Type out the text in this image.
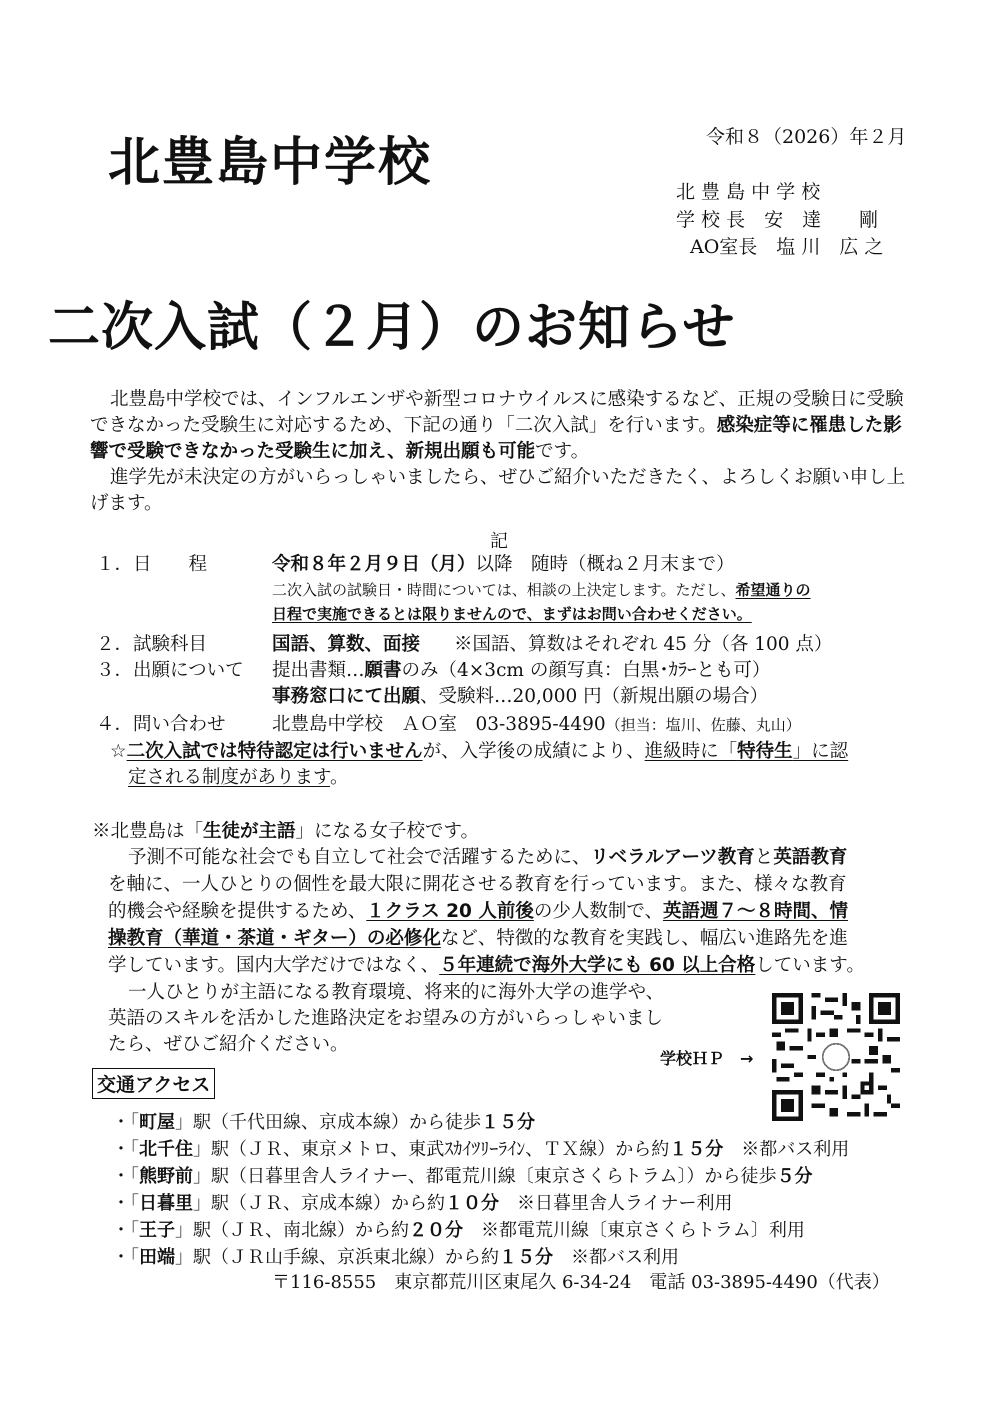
北豊島中学校	令和８（2026）年２月
北 豊 島 中 学 校
学 校 長　安　達　　剛
AO室長　塩 川　広 之
二次入試（２月）のお知らせ
北豊島中学校では、インフルエンザや新型コロナウイルスに感染するなど、正規の受験日に受験できなかった受験生に対応するため、下記の通り「二次入試」を行います。感染症等に罹患した影響で受験できなかった受験生に加え、新規出願も可能です。
進学先が未決定の方がいらっしゃいましたら、ぜひご紹介いただきたく、よろしくお願い申し上げます。
記
１．日　　程	令和８年２月９日（月）以降　随時（概ね２月末まで）
二次入試の試験日・時間については、相談の上決定します。ただし、希望通りの
日程で実施できるとは限りませんので、まずはお問い合わせください。
２．試験科目	国語、算数、面接 ※国語、算数はそれぞれ 45 分（各 100 点）
３．出願について 提出書類…願書のみ（4×3cm の顔写真：白黒･ｶﾗｰとも可）
事務窓口にて出願、受験料…20,000 円（新規出願の場合）
４．問い合わせ	北豊島中学校　ＡＯ室　03-3895-4490（担当：塩川、佐藤、丸山）
☆二次入試では特待認定は行いませんが、入学後の成績により、進級時に「特待生」に認
定される制度があります。
※北豊島は「生徒が主語」になる女子校です。
予測不可能な社会でも自立して社会で活躍するために、リベラルアーツ教育と英語教育
を軸に、一人ひとりの個性を最大限に開花させる教育を行っています。また、様々な教育
的機会や経験を提供するため、１クラス 20 人前後の少人数制で、英語週７～８時間、情
操教育（華道・茶道・ギター）の必修化など、特徴的な教育を実践し、幅広い進路先を進
学しています。国内大学だけではなく、５年連続で海外大学にも 60 以上合格しています。
一人ひとりが主語になる教育環境、将来的に海外大学の進学や、
英語のスキルを活かした進路決定をお望みの方がいらっしゃいまし
たら、ぜひご紹介ください。
学校ＨＰ　→
交通アクセス
・「町屋」駅（千代田線、京成本線）から徒歩１５分
・「北千住」駅（ＪＲ、東京メトロ、東武ｽｶｲﾂﾘｰﾗｲﾝ、ＴＸ線）から約１５分　※都バス利用
・「熊野前」駅（日暮里舎人ライナー、都電荒川線〔東京さくらトラム〕）から徒歩５分
・「日暮里」駅（ＪＲ、京成本線）から約１０分　※日暮里舎人ライナー利用
・「王子」駅（ＪＲ、南北線）から約２０分　※都電荒川線〔東京さくらトラム〕利用
・「田端」駅（ＪＲ山手線、京浜東北線）から約１５分　※都バス利用
〒116-8555　東京都荒川区東尾久 6-34-24　電話 03-3895-4490（代表）
